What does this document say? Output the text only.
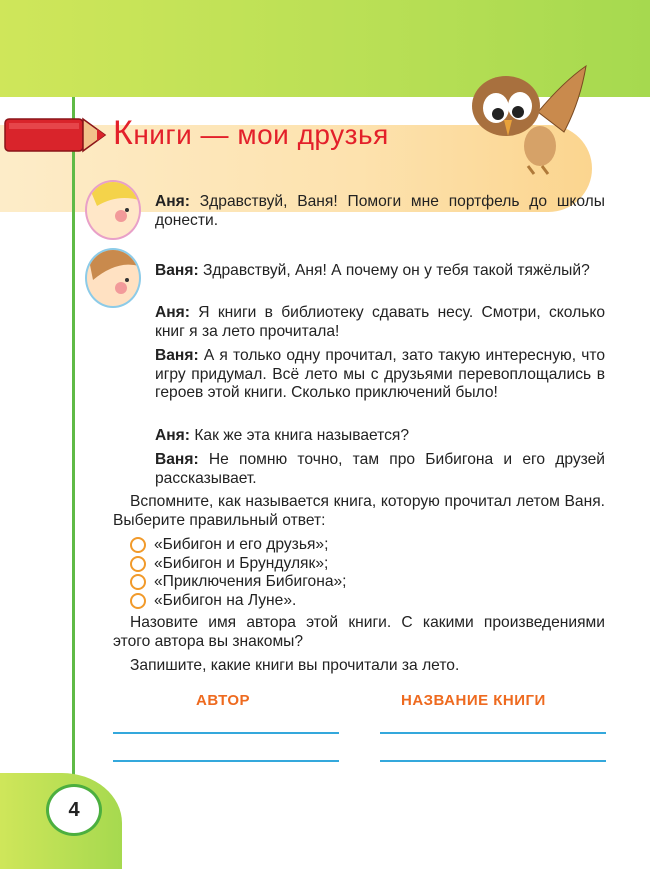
4
Книги — мои друзья
Аня: Здравствуй, Ваня! Помоги мне портфель до школы донести.
Ваня: Здравствуй, Аня! А почему он у тебя такой тяжёлый?
Аня: Я книги в библиотеку сдавать несу. Смотри, сколько книг я за лето прочитала!
Ваня: А я только одну прочитал, зато такую интересную, что игру придумал. Всё лето мы с друзьями перевоплощались в героев этой книги. Сколько приключений было!
Аня: Как же эта книга называется?
Ваня: Не помню точно, там про Бибигона и его друзей рассказывает.
Вспомните, как называется книга, которую прочитал летом Ваня. Выберите правильный ответ:
«Бибигон и его друзья»;
«Бибигон и Брундуляк»;
«Приключения Бибигона»;
«Бибигон на Луне».
Назовите имя автора этой книги. С какими произведениями этого автора вы знакомы?
Запишите, какие книги вы прочитали за лето.
АВТОР	НАЗВАНИЕ КНИГИ
